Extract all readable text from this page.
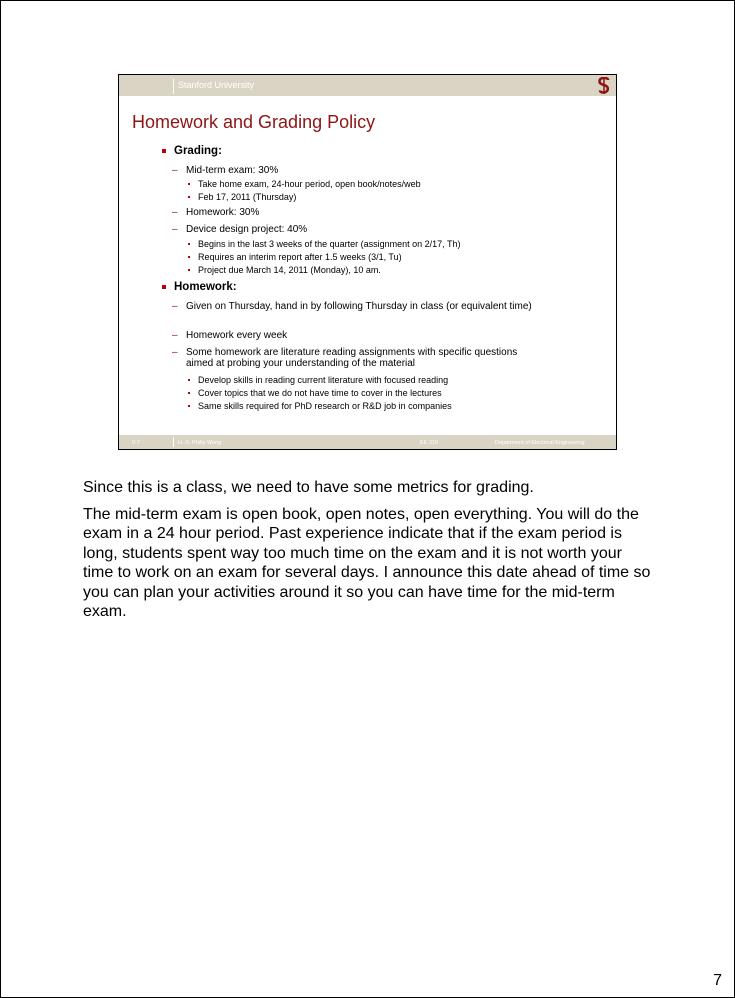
Stanford University
Homework and Grading Policy
Grading:
– Mid-term exam: 30%
Take home exam, 24-hour period, open book/notes/web
Feb 17, 2011 (Thursday)
– Homework: 30%
– Device design project: 40%
Begins in the last 3 weeks of the quarter (assignment on 2/17, Th)
Requires an interim report after 1.5 weeks (3/1, Tu)
Project due March 14, 2011 (Monday), 10 am.
Homework:
– Given on Thursday, hand in by following Thursday in class (or equivalent time)
– Homework every week
– Some homework are literature reading assignments with specific questions aimed at probing your understanding of the material
Develop skills in reading current literature with focused reading
Cover topics that we do not have time to cover in the lectures
Same skills required for PhD research or R&D job in companies
0-7	H.-S. Philip Wong	EE 316	Department of Electrical Engineering

Since this is a class, we need to have some metrics for grading.

The mid-term exam is open book, open notes, open everything. You will do the exam in a 24 hour period. Past experience indicate that if the exam period is long, students spent way too much time on the exam and it is not worth your time to work on an exam for several days. I announce this date ahead of time so you can plan your activities around it so you can have time for the mid-term exam.

7
